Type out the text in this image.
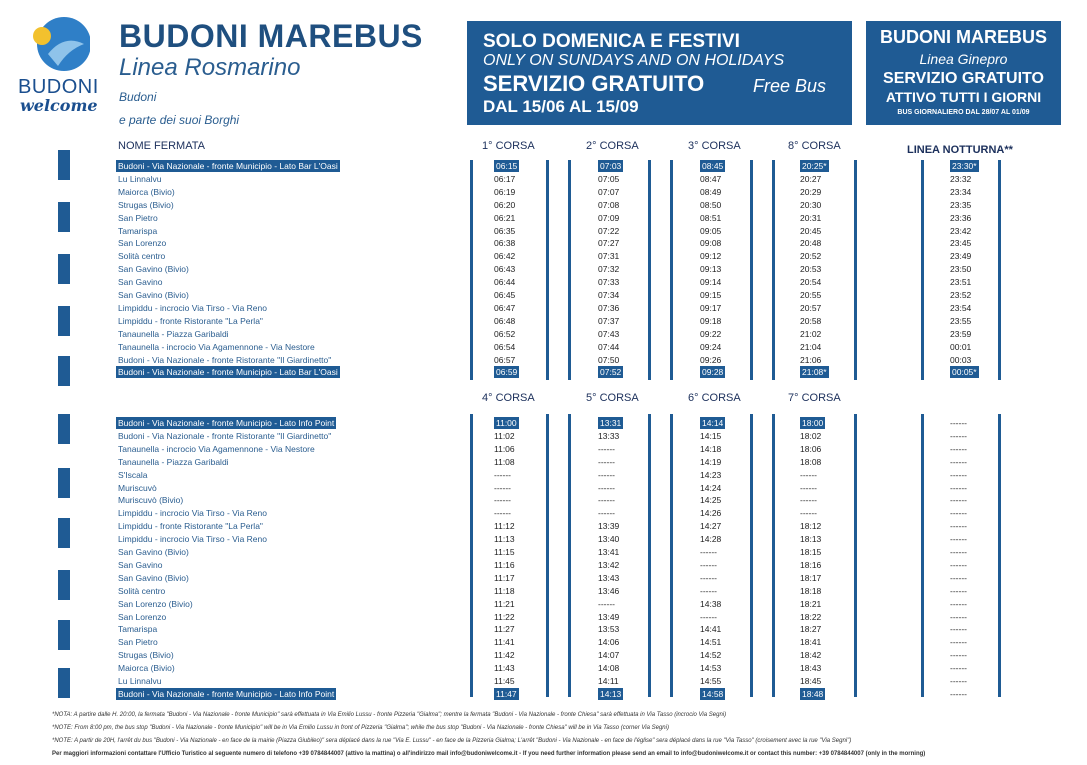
BUDONI
welcome
BUDONI MAREBUS
Linea Rosmarino
Budoni
e parte dei suoi Borghi
SOLO DOMENICA E FESTIVI
ONLY ON SUNDAYS AND ON HOLIDAYS
SERVIZIO GRATUITO	Free Bus
DAL 15/06 AL 15/09
BUDONI MAREBUS
Linea Ginepro
SERVIZIO GRATUITO
ATTIVO TUTTI I GIORNI
BUS GIORNALIERO DAL 28/07 AL 01/09
NOME FERMATA	1° CORSA	2° CORSA	3° CORSA	8° CORSA	LINEA NOTTURNA**
Budoni - Via Nazionale - fronte Municipio - Lato Bar L'Oasi	06:15	07:03	08:45	20:25*	23:30*
Lu Linnalvu	06:17	07:05	08:47	20:27	23:32
Maiorca (Bivio)	06:19	07:07	08:49	20:29	23:34
Strugas (Bivio)	06:20	07:08	08:50	20:30	23:35
San Pietro	06:21	07:09	08:51	20:31	23:36
Tamarispa	06:35	07:22	09:05	20:45	23:42
San Lorenzo	06:38	07:27	09:08	20:48	23:45
Solità centro	06:42	07:31	09:12	20:52	23:49
San Gavino (Bivio)	06:43	07:32	09:13	20:53	23:50
San Gavino	06:44	07:33	09:14	20:54	23:51
San Gavino (Bivio)	06:45	07:34	09:15	20:55	23:52
Limpiddu - incrocio Via Tirso - Via Reno	06:47	07:36	09:17	20:57	23:54
Limpiddu - fronte Ristorante "La Perla"	06:48	07:37	09:18	20:58	23:55
Tanaunella - Piazza Garibaldi	06:52	07:43	09:22	21:02	23:59
Tanaunella - incrocio Via Agamennone - Via Nestore	06:54	07:44	09:24	21:04	00:01
Budoni - Via Nazionale - fronte Ristorante "Il Giardinetto"	06:57	07:50	09:26	21:06	00:03
Budoni - Via Nazionale - fronte Municipio - Lato Bar L'Oasi	06:59	07:52	09:28	21:08*	00:05*
4° CORSA	5° CORSA	6° CORSA	7° CORSA
Budoni - Via Nazionale - fronte Municipio - Lato Info Point	11:00	13:31	14:14	18:00	------
Budoni - Via Nazionale - fronte Ristorante "Il Giardinetto"	11:02	13:33	14:15	18:02	------
Tanaunella - incrocio Via Agamennone - Via Nestore	11:06	------	14:18	18:06	------
Tanaunella - Piazza Garibaldi	11:08	------	14:19	18:08	------
S'Iscala	------	------	14:23	------	------
Muriscuvò	------	------	14:24	------	------
Muriscuvò (Bivio)	------	------	14:25	------	------
Limpiddu - incrocio Via Tirso - Via Reno	------	------	14:26	------	------
Limpiddu - fronte Ristorante "La Perla"	11:12	13:39	14:27	18:12	------
Limpiddu - incrocio Via Tirso - Via Reno	11:13	13:40	14:28	18:13	------
San Gavino (Bivio)	11:15	13:41	------	18:15	------
San Gavino	11:16	13:42	------	18:16	------
San Gavino (Bivio)	11:17	13:43	------	18:17	------
Solità centro	11:18	13:46	------	18:18	------
San Lorenzo (Bivio)	11:21	------	14:38	18:21	------
San Lorenzo	11:22	13:49	------	18:22	------
Tamarispa	11:27	13:53	14:41	18:27	------
San Pietro	11:41	14:06	14:51	18:41	------
Strugas (Bivio)	11:42	14:07	14:52	18:42	------
Maiorca (Bivio)	11:43	14:08	14:53	18:43	------
Lu Linnalvu	11:45	14:11	14:55	18:45	------
Budoni - Via Nazionale - fronte Municipio - Lato Info Point	11:47	14:13	14:58	18:48	------
*NOTA: A partire dalle H. 20:00, la fermata "Budoni - Via Nazionale - fronte Municipio" sarà effettuata in Via Emilio Lussu - fronte Pizzeria "Gialma"; mentre la fermata "Budoni - Via Nazionale - fronte Chiesa" sarà effettuata in Via Tasso (incrocio Via Segni)
*NOTE: From 8:00 pm, the bus stop "Budoni - Via Nazionale - fronte Municipio" will be in Via Emilio Lussu in front of Pizzeria "Gialma"; while the bus stop "Budoni - Via Nazionale - fronte Chiesa" will be in Via Tasso (corner Via Segni)
*NOTE: A partir de 20H, l'arrêt du bus "Budoni - Via Nazionale - en face de la mairie (Piazza Giubileo)" sera déplacé dans la rue "Via E. Lussu" - en face de la Pizzeria Gialma; L'arrêt "Budoni - Via Nazionale - en face de l'église" sera déplacé dans la rue "Via Tasso" (croisement avec la rue "Via Segni")
Per maggiori informazioni contattare l'Ufficio Turistico al seguente numero di telefono +39 0784844007 (attivo la mattina) o all'indirizzo mail info@budoniwelcome.it - If you need further information please send an email to info@budoniwelcome.it or contact this number: +39 0784844007 (only in the morning)
